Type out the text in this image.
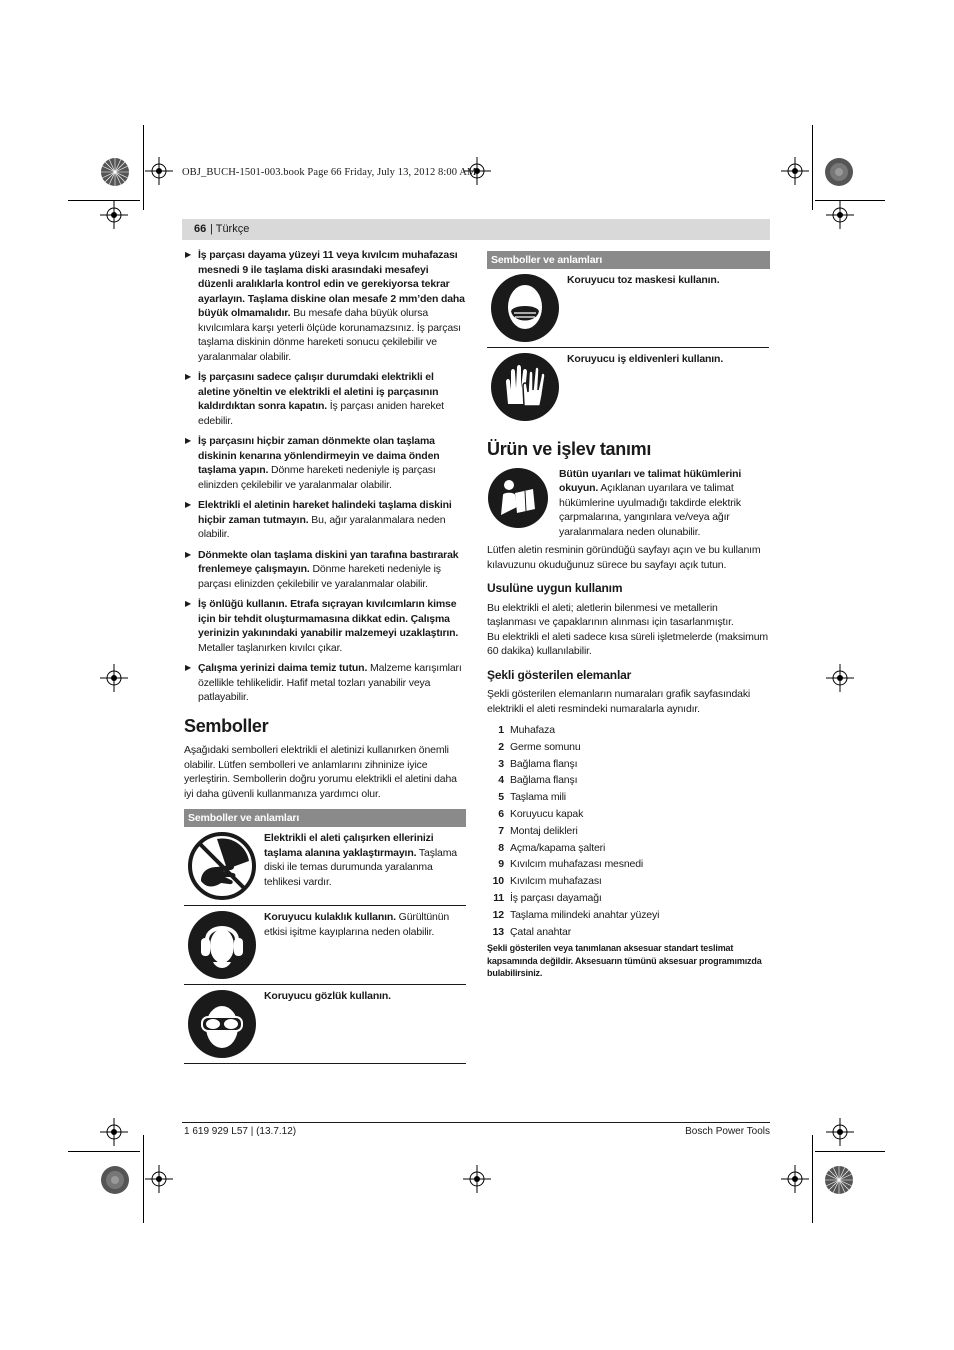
OBJ_BUCH-1501-003.book Page 66 Friday, July 13, 2012 8:00 AM
66 | Türkçe
▶ İş parçası dayama yüzeyi 11 veya kıvılcım muhafazası mesnedi 9 ile taşlama diski arasındaki mesafeyi düzenli aralıklarla kontrol edin ve gerekiyorsa tekrar ayarlayın. Taşlama diskine olan mesafe 2 mm’den daha büyük olmamalıdır. Bu mesafe daha büyük olursa kıvılcımlara karşı yeterli ölçüde korunamazsınız. İş parçası taşlama diskinin dönme hareketi sonucu çekilebilir ve yaralanmalar olabilir.
▶ İş parçasını sadece çalışır durumdaki elektrikli el aletine yöneltin ve elektrikli el aletini iş parçasının kaldırdıktan sonra kapatın. İş parçası aniden hareket edebilir.
▶ İş parçasını hiçbir zaman dönmekte olan taşlama diskinin kenarına yönlendirmeyin ve daima önden taşlama yapın. Dönme hareketi nedeniyle iş parçası elinizden çekilebilir ve yaralanmalar olabilir.
▶ Elektrikli el aletinin hareket halindeki taşlama diskini hiçbir zaman tutmayın. Bu, ağır yaralanmalara neden olabilir.
▶ Dönmekte olan taşlama diskini yan tarafına bastırarak frenlemeye çalışmayın. Dönme hareketi nedeniyle iş parçası elinizden çekilebilir ve yaralanmalar olabilir.
▶ İş önlüğü kullanın. Etrafa sıçrayan kıvılcımların kimse için bir tehdit oluşturmamasına dikkat edin. Çalışma yerinizin yakınındaki yanabilir malzemeyi uzaklaştırın. Metaller taşlanırken kıvılcı çıkar.
▶ Çalışma yerinizi daima temiz tutun. Malzeme karışımları özellikle tehlikelidir. Hafif metal tozları yanabilir veya patlayabilir.
Semboller

Aşağıdaki sembolleri elektrikli el aletinizi kullanırken önemli olabilir. Lütfen sembolleri ve anlamlarını zihninize iyice yerleştirin. Sembollerin doğru yorumu elektrikli el aletini daha iyi daha güvenli kullanmanıza yardımcı olur.

Semboller ve anlamları
Elektrikli el aleti çalışırken ellerinizi taşlama alanına yaklaştırmayın. Taşlama diski ile temas durumunda yaralanma tehlikesi vardır.
Koruyucu kulaklık kullanın. Gürültünün etkisi işitme kayıplarına neden olabilir.
Koruyucu gözlük kullanın.
Semboller ve anlamları
Koruyucu toz maskesi kullanın.
Koruyucu iş eldivenleri kullanın.
Ürün ve işlev tanımı
Bütün uyarıları ve talimat hükümlerini okuyun. Açıklanan uyarılara ve talimat hükümlerine uyulmadığı takdirde elektrik çarpmalarına, yangınlara ve/veya ağır yaralanmalara neden olunabilir.

Lütfen aletin resminin göründüğü sayfayı açın ve bu kullanım kılavuzunu okuduğunuz sürece bu sayfayı açık tutun.

Usulüne uygun kullanım

Bu elektrikli el aleti; aletlerin bilenmesi ve metallerin taşlanması ve çapaklarının alınması için tasarlanmıştır.

Bu elektrikli el aleti sadece kısa süreli işletmelerde (maksimum 60 dakika) kullanılabilir.

Şekli gösterilen elemanlar

Şekli gösterilen elemanların numaraları grafik sayfasındaki elektrikli el aleti resmindeki numaralarla aynıdır.

1 Muhafaza
2 Germe somunu
3 Bağlama flanşı
4 Bağlama flanşı
5 Taşlama mili
6 Koruyucu kapak
7 Montaj delikleri
8 Açma/kapama şalteri
9 Kıvılcım muhafazası mesnedi
10 Kıvılcım muhafazası
11 İş parçası dayamağı
12 Taşlama milindeki anahtar yüzeyi
13 Çatal anahtar
Şekli gösterilen veya tanımlanan aksesuar standart teslimat kapsamında değildir. Aksesuarın tümünü aksesuar programımızda bulabilirsiniz.
1 619 929 L57 | (13.7.12)	Bosch Power Tools
